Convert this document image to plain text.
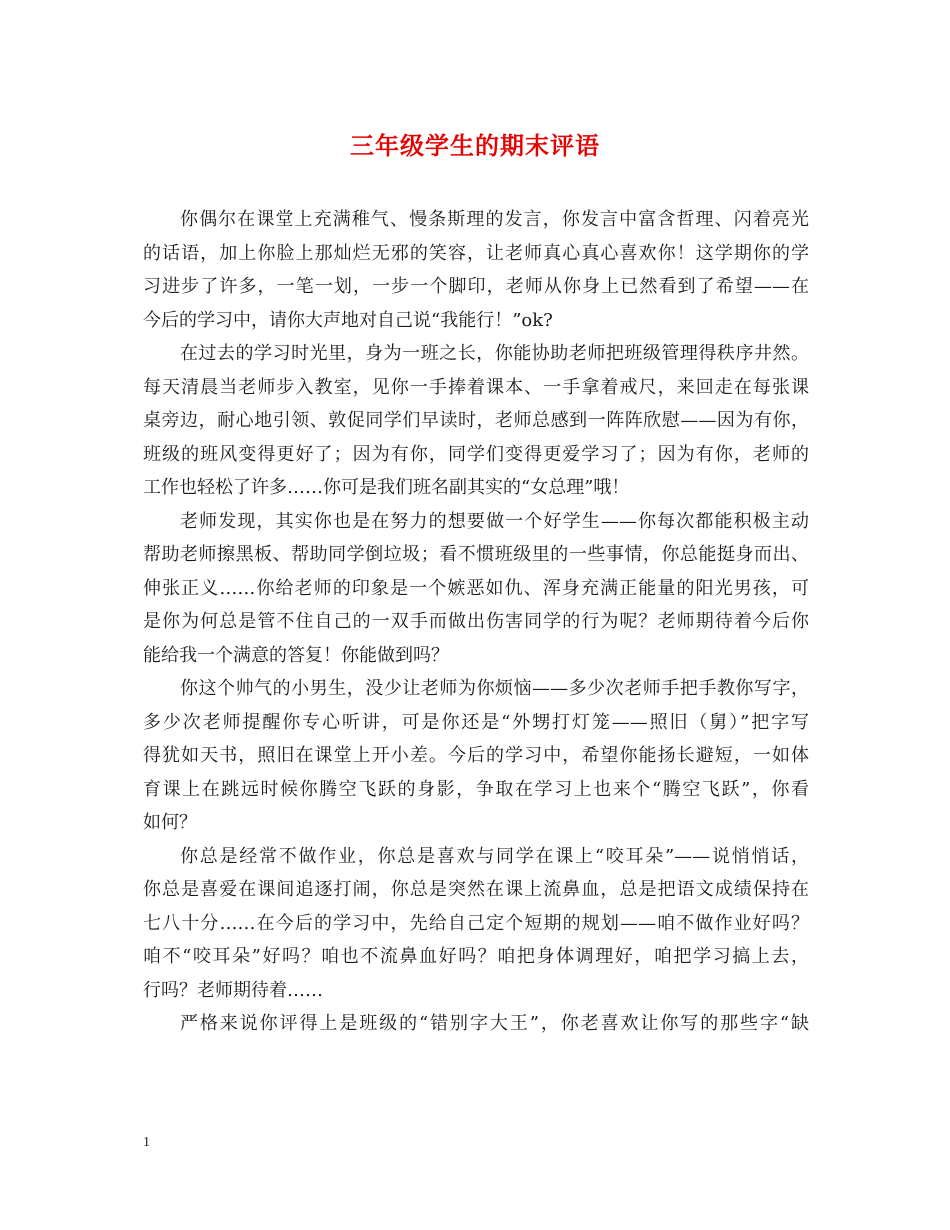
三年级学生的期末评语
你偶尔在课堂上充满稚气、慢条斯理的发言，你发言中富含哲理、闪着亮光
的话语，加上你脸上那灿烂无邪的笑容，让老师真心真心喜欢你！这学期你的学
习进步了许多，一笔一划，一步一个脚印，老师从你身上已然看到了希望——在
今后的学习中，请你大声地对自己说“我能行！”ok?
在过去的学习时光里，身为一班之长，你能协助老师把班级管理得秩序井然。
每天清晨当老师步入教室，见你一手捧着课本、一手拿着戒尺，来回走在每张课
桌旁边，耐心地引领、敦促同学们早读时，老师总感到一阵阵欣慰——因为有你，
班级的班风变得更好了；因为有你，同学们变得更爱学习了；因为有你，老师的
工作也轻松了许多……你可是我们班名副其实的“女总理”哦！
老师发现，其实你也是在努力的想要做一个好学生——你每次都能积极主动
帮助老师擦黑板、帮助同学倒垃圾；看不惯班级里的一些事情，你总能挺身而出、
伸张正义……你给老师的印象是一个嫉恶如仇、浑身充满正能量的阳光男孩，可
是你为何总是管不住自己的一双手而做出伤害同学的行为呢？老师期待着今后你
能给我一个满意的答复！你能做到吗？
你这个帅气的小男生，没少让老师为你烦恼——多少次老师手把手教你写字，
多少次老师提醒你专心听讲，可是你还是“外甥打灯笼——照旧（舅）”把字写
得犹如天书，照旧在课堂上开小差。今后的学习中，希望你能扬长避短，一如体
育课上在跳远时候你腾空飞跃的身影，争取在学习上也来个“腾空飞跃”，你看
如何？
你总是经常不做作业，你总是喜欢与同学在课上“咬耳朵”——说悄悄话，
你总是喜爱在课间追逐打闹，你总是突然在课上流鼻血，总是把语文成绩保持在
七八十分……在今后的学习中，先给自己定个短期的规划——咱不做作业好吗？
咱不“咬耳朵”好吗？咱也不流鼻血好吗？咱把身体调理好，咱把学习搞上去，
行吗？老师期待着……
严格来说你评得上是班级的“错别字大王”，你老喜欢让你写的那些字“缺
1
